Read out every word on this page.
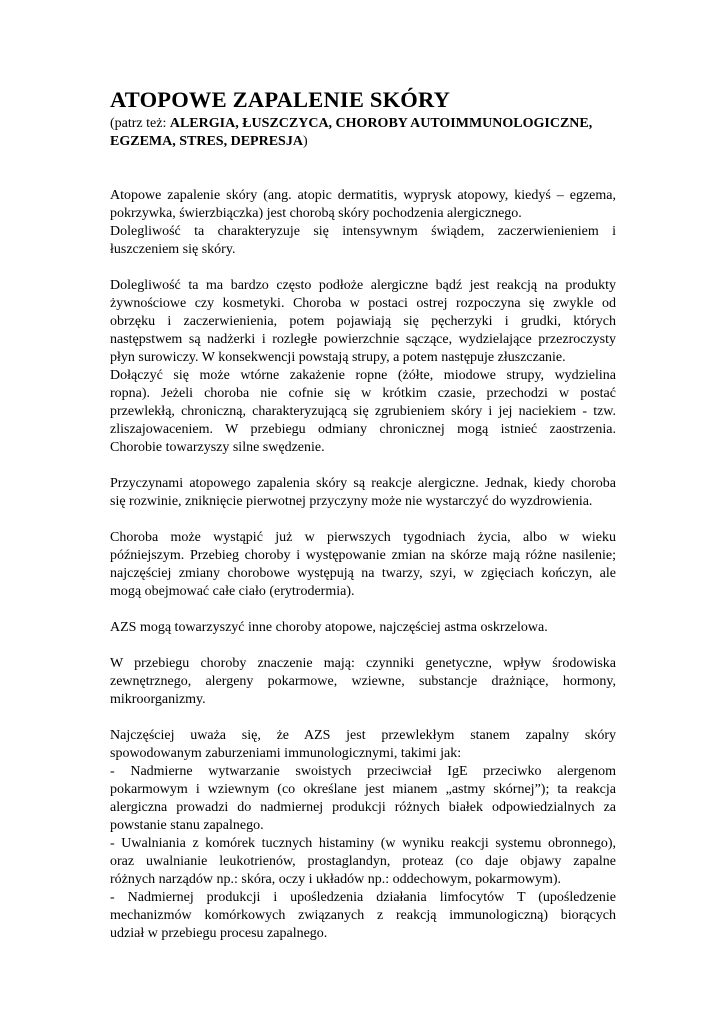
ATOPOWE ZAPALENIE SKÓRY

(patrz też: ALERGIA, ŁUSZCZYCA, CHOROBY AUTOIMMUNOLOGICZNE, EGZEMA, STRES, DEPRESJA)

Atopowe zapalenie skóry (ang. atopic dermatitis, wyprysk atopowy, kiedyś – egzema,
pokrzywka, świerzbiączka) jest chorobą skóry pochodzenia alergicznego.
Dolegliwość ta charakteryzuje się intensywnym świądem, zaczerwienieniem i
łuszczeniem się skóry.

Dolegliwość ta ma bardzo często podłoże alergiczne bądź jest reakcją na produkty
żywnościowe czy kosmetyki. Choroba w postaci ostrej rozpoczyna się zwykle od
obrzęku i zaczerwienienia, potem pojawiają się pęcherzyki i grudki, których
następstwem są nadżerki i rozległe powierzchnie sączące, wydzielające przezroczysty
płyn surowiczy. W konsekwencji powstają strupy, a potem następuje złuszczanie.
Dołączyć się może wtórne zakażenie ropne (żółte, miodowe strupy, wydzielina
ropna). Jeżeli choroba nie cofnie się w krótkim czasie, przechodzi w postać
przewlekłą, chroniczną, charakteryzującą się zgrubieniem skóry i jej naciekiem - tzw.
zliszajowaceniem. W przebiegu odmiany chronicznej mogą istnieć zaostrzenia.
Chorobie towarzyszy silne swędzenie.

Przyczynami atopowego zapalenia skóry są reakcje alergiczne. Jednak, kiedy choroba
się rozwinie, zniknięcie pierwotnej przyczyny może nie wystarczyć do wyzdrowienia.

Choroba może wystąpić już w pierwszych tygodniach życia, albo w wieku
późniejszym. Przebieg choroby i występowanie zmian na skórze mają różne nasilenie;
najczęściej zmiany chorobowe występują na twarzy, szyi, w zgięciach kończyn, ale
mogą obejmować całe ciało (erytrodermia).

AZS mogą towarzyszyć inne choroby atopowe, najczęściej astma oskrzelowa.

W przebiegu choroby znaczenie mają: czynniki genetyczne, wpływ środowiska
zewnętrznego, alergeny pokarmowe, wziewne, substancje drażniące, hormony,
mikroorganizmy.

Najczęściej uważa się, że AZS jest przewlekłym stanem zapalny skóry
spowodowanym zaburzeniami immunologicznymi, takimi jak:
- Nadmierne wytwarzanie swoistych przeciwciał IgE przeciwko alergenom
pokarmowym i wziewnym (co określane jest mianem „astmy skórnej”); ta reakcja
alergiczna prowadzi do nadmiernej produkcji różnych białek odpowiedzialnych za
powstanie stanu zapalnego.
- Uwalniania z komórek tucznych histaminy (w wyniku reakcji systemu obronnego),
oraz uwalnianie leukotrienów, prostaglandyn, proteaz (co daje objawy zapalne
różnych narządów np.: skóra, oczy i układów np.: oddechowym, pokarmowym).
- Nadmiernej produkcji i upośledzenia działania limfocytów T (upośledzenie
mechanizmów komórkowych związanych z reakcją immunologiczną) biorących
udział w przebiegu procesu zapalnego.
